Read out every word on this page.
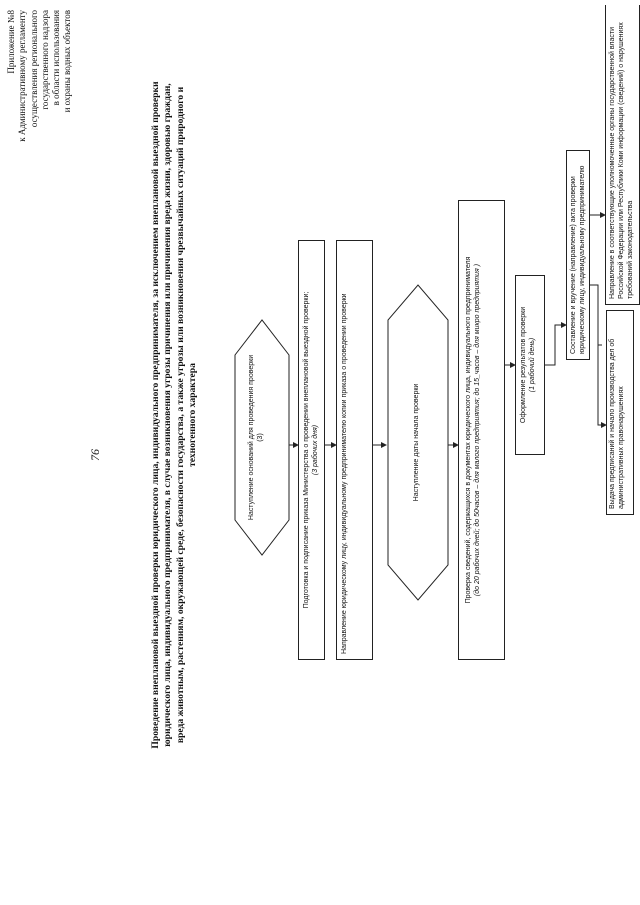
76
Приложение №8 к Административному регламенту осуществления регионального государственного надзора в области использования и охраны водных объектов
Проведение внеплановой выездной проверки юридического лица, индивидуального предпринимателя, за исключением внеплановой выездной проверки юридического лица, индивидуального предпринимателя, в случае возникновения угрозы причинения или причинения вреда жизни, здоровью граждан, вреда животным, растениям, окружающей среде, безопасности государства, а также угрозы или возникновения чрезвычайных ситуаций природного и техногенного характера	Наступление оснований для проведения проверки (3)	Подготовка и подписание приказа Министерства о проведении внеплановой выездной проверки; (3 рабочих дня)	Направление юридическому лицу, индивидуальному предпринимателю копии приказа о проведении проверки	Наступление даты начала проверки	Проверка сведений, содержащихся в документах юридического лица, индивидуального предпринимателя (до 20 рабочих дней; до 50часов – для малого предприятия; до 15_часов – для микро предприятия )	Оформление результатов проверки (1 рабочий день)
Составление и вручение (направление) акта проверки юридическому лицу, индивидуальному предпринимателю
Выдача предписаний и начало производства дел об административных правонарушениях
Направление в соответствующие уполномоченные органы государственной власти Российской Федерации или Республики Коми информации (сведений) о нарушениях требований законодательства
